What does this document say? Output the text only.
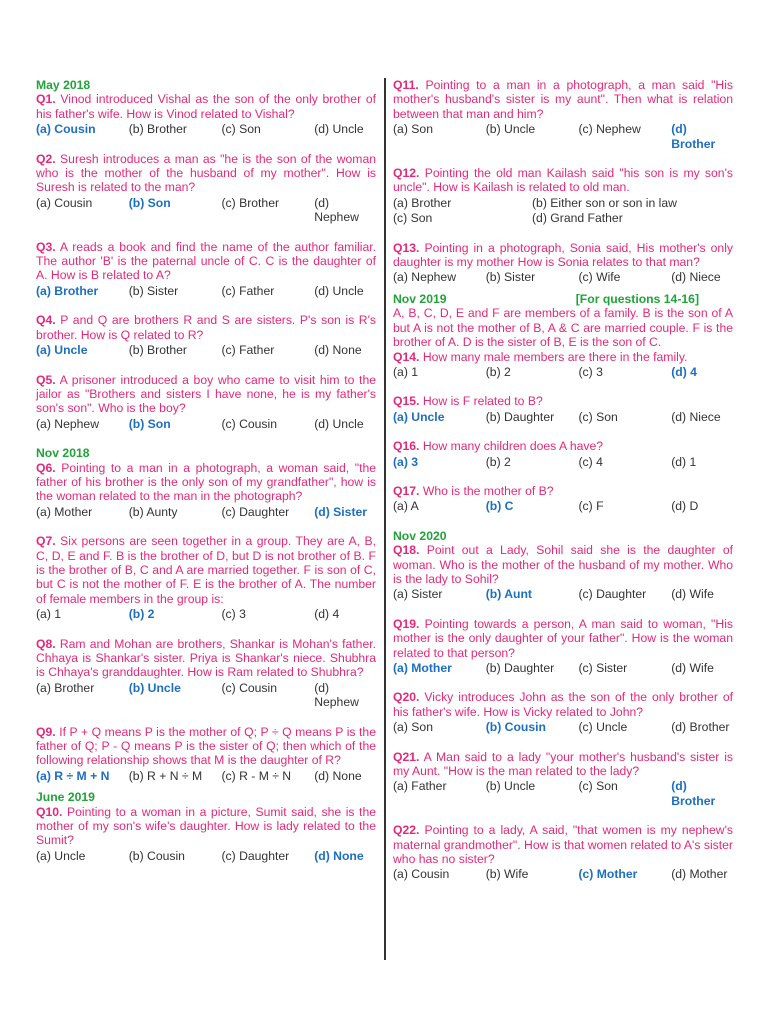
May 2018

Q1. Vinod introduced Vishal as the son of the only brother of his father's wife. How is Vinod related to Vishal?

(a) Cousin	(b) Brother	(c) Son	(d) Uncle

Q2. Suresh introduces a man as "he is the son of the woman who is the mother of the husband of my mother". How is Suresh is related to the man?

(a) Cousin	(b) Son	(c) Brother	(d) Nephew

Q3. A reads a book and find the name of the author familiar. The author 'B' is the paternal uncle of C. C is the daughter of A. How is B related to A?

(a) Brother	(b) Sister	(c) Father	(d) Uncle

Q4. P and Q are brothers R and S are sisters. P's son is R's brother. How is Q related to R?

(a) Uncle	(b) Brother	(c) Father	(d) None

Q5. A prisoner introduced a boy who came to visit him to the jailor as "Brothers and sisters I have none, he is my father's son's son". Who is the boy?

(a) Nephew	(b) Son	(c) Cousin	(d) Uncle

Nov 2018

Q6. Pointing to a man in a photograph, a woman said, "the father of his brother is the only son of my grandfather", how is the woman related to the man in the photograph?

(a) Mother	(b) Aunty	(c) Daughter	(d) Sister

Q7. Six persons are seen together in a group. They are A, B, C, D, E and F. B is the brother of D, but D is not brother of B. F is the brother of B, C and A are married together. F is son of C, but C is not the mother of F. E is the brother of A. The number of female members in the group is:

(a) 1	(b) 2	(c) 3	(d) 4

Q8. Ram and Mohan are brothers, Shankar is Mohan's father. Chhaya is Shankar's sister. Priya is Shankar's niece. Shubhra is Chhaya's granddaughter. How is Ram related to Shubhra?

(a) Brother	(b) Uncle	(c) Cousin	(d) Nephew

Q9. If P + Q means P is the mother of Q; P ÷ Q means P is the father of Q; P - Q means P is the sister of Q; then which of the following relationship shows that M is the daughter of R?

(a) R ÷ M + N	(b) R + N ÷ M	(c) R - M ÷ N	(d) None

June 2019

Q10. Pointing to a woman in a picture, Sumit said, she is the mother of my son's wife's daughter. How is lady related to the Sumit?

(a) Uncle	(b) Cousin	(c) Daughter	(d) None

Q11. Pointing to a man in a photograph, a man said "His mother's husband's sister is my aunt". Then what is relation between that man and him?

(a) Son	(b) Uncle	(c) Nephew	(d) Brother

Q12. Pointing the old man Kailash said "his son is my son's uncle". How is Kailash is related to old man.

(a) Brother	(b) Either son or son in law
(c) Son	(d) Grand Father

Q13. Pointing in a photograph, Sonia said, His mother's only daughter is my mother How is Sonia relates to that man?

(a) Nephew	(b) Sister	(c) Wife	(d) Niece

Nov 2019	[For questions 14-16]

A, B, C, D, E and F are members of a family. B is the son of A but A is not the mother of B, A & C are married couple. F is the brother of A. D is the sister of B, E is the son of C.

Q14. How many male members are there in the family.

(a) 1	(b) 2	(c) 3	(d) 4

Q15. How is F related to B?

(a) Uncle	(b) Daughter	(c) Son	(d) Niece

Q16. How many children does A have?

(a) 3	(b) 2	(c) 4	(d) 1

Q17. Who is the mother of B?

(a) A	(b) C	(c) F	(d) D

Nov 2020

Q18. Point out a Lady, Sohil said she is the daughter of woman. Who is the mother of the husband of my mother. Who is the lady to Sohil?

(a) Sister	(b) Aunt	(c) Daughter	(d) Wife

Q19. Pointing towards a person, A man said to woman, "His mother is the only daughter of your father". How is the woman related to that person?

(a) Mother	(b) Daughter	(c) Sister	(d) Wife

Q20. Vicky introduces John as the son of the only brother of his father's wife. How is Vicky related to John?

(a) Son	(b) Cousin	(c) Uncle	(d) Brother

Q21. A Man said to a lady "your mother's husband's sister is my Aunt. "How is the man related to the lady?

(a) Father	(b) Uncle	(c) Son	(d) Brother

Q22. Pointing to a lady, A said, "that women is my nephew's maternal grandmother". How is that women related to A's sister who has no sister?

(a) Cousin	(b) Wife	(c) Mother	(d) Mother
